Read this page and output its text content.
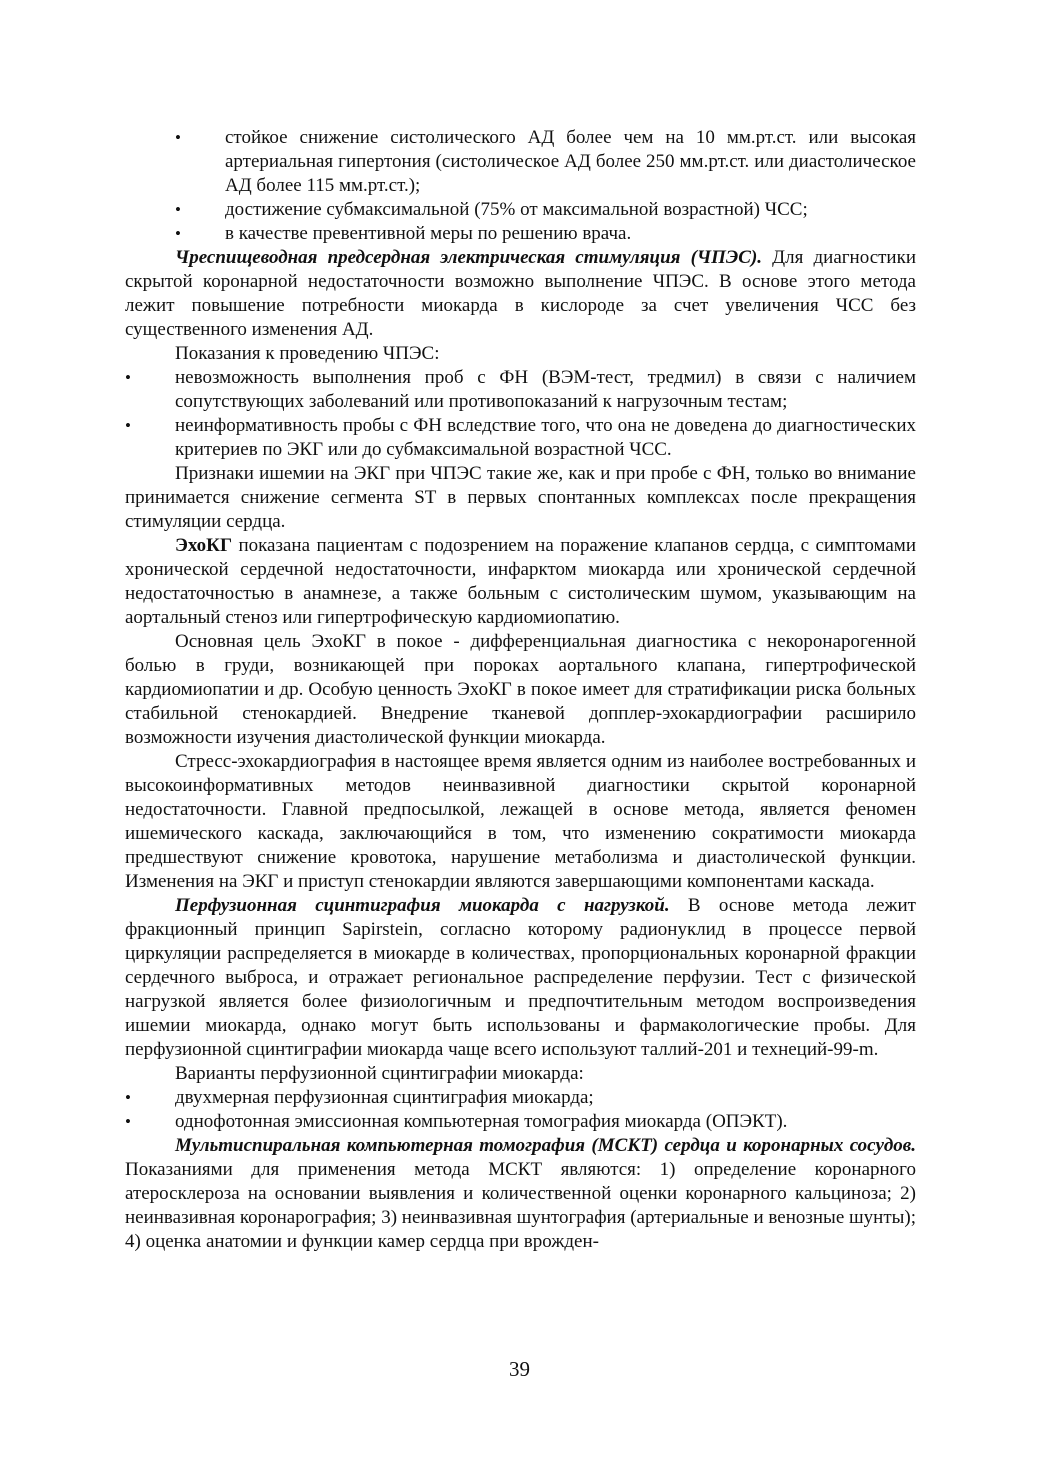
• стойкое снижение систолического АД более чем на 10 мм.рт.ст. или высокая артериальная гипертония (систолическое АД более 250 мм.рт.ст. или диастолическое АД более 115 мм.рт.ст.);
• достижение субмаксимальной (75% от максимальной возрастной) ЧСС;
• в качестве превентивной меры по решению врача.

Чреспищеводная предсердная электрическая стимуляция (ЧПЭС). Для диагностики скрытой коронарной недостаточности возможно выполнение ЧПЭС. В основе этого метода лежит повышение потребности миокарда в кислороде за счет увеличения ЧСС без существенного изменения АД.

Показания к проведению ЧПЭС:

• невозможность выполнения проб с ФН (ВЭМ-тест, тредмил) в связи с наличием сопутствующих заболеваний или противопоказаний к нагрузочным тестам;
• неинформативность пробы с ФН вследствие того, что она не доведена до диагностических критериев по ЭКГ или до субмаксимальной возрастной ЧСС.

Признаки ишемии на ЭКГ при ЧПЭС такие же, как и при пробе с ФН, только во внимание принимается снижение сегмента ST в первых спонтанных комплексах после прекращения стимуляции сердца.

ЭхоКГ показана пациентам с подозрением на поражение клапанов сердца, с симптомами хронической сердечной недостаточности, инфарктом миокарда или хронической сердечной недостаточностью в анамнезе, а также больным с систолическим шумом, указывающим на аортальный стеноз или гипертрофическую кардиомиопатию.

Основная цель ЭхоКГ в покое - дифференциальная диагностика с некоронарогенной болью в груди, возникающей при пороках аортального клапана, гипертрофической кардиомиопатии и др. Особую ценность ЭхоКГ в покое имеет для стратификации риска больных стабильной стенокардией. Внедрение тканевой допплер-эхокардиографии расширило возможности изучения диастолической функции миокарда.

Стресс-эхокардиография в настоящее время является одним из наиболее востребованных и высокоинформативных методов неинвазивной диагностики скрытой коронарной недостаточности. Главной предпосылкой, лежащей в основе метода, является феномен ишемического каскада, заключающийся в том, что изменению сократимости миокарда предшествуют снижение кровотока, нарушение метаболизма и диастолической функции. Изменения на ЭКГ и приступ стенокардии являются завершающими компонентами каскада.

Перфузионная сцинтиграфия миокарда с нагрузкой. В основе метода лежит фракционный принцип Sapirstein, согласно которому радионуклид в процессе первой циркуляции распределяется в миокарде в количествах, пропорциональных коронарной фракции сердечного выброса, и отражает региональное распределение перфузии. Тест с физической нагрузкой является более физиологичным и предпочтительным методом воспроизведения ишемии миокарда, однако могут быть использованы и фармакологические пробы. Для перфузионной сцинтиграфии миокарда чаще всего используют таллий-201 и технеций-99-m.

Варианты перфузионной сцинтиграфии миокарда:

• двухмерная перфузионная сцинтиграфия миокарда;
• однофотонная эмиссионная компьютерная томография миокарда (ОПЭКТ).

Мультиспиральная компьютерная томография (МСКТ) сердца и коронарных сосудов. Показаниями для применения метода МСКТ являются: 1) определение коронарного атеросклероза на основании выявления и количественной оценки коронарного кальциноза; 2) неинвазивная коронарография; 3) неинвазивная шунтография (артериальные и венозные шунты); 4) оценка анатомии и функции камер сердца при врожден-

39
